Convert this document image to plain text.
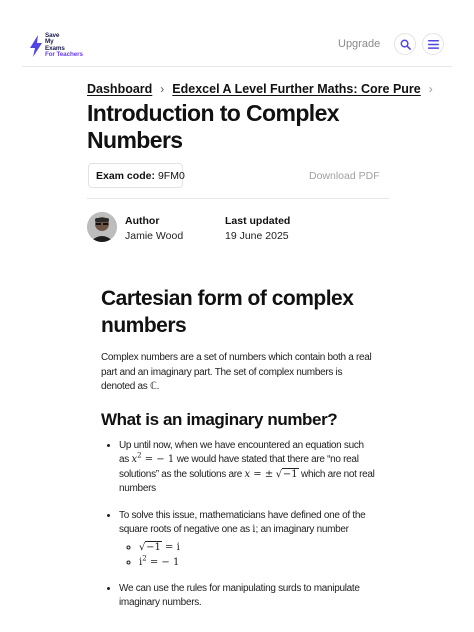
Save
My
Exams
For Teachers
Upgrade
Dashboard › Edexcel A Level Further Maths: Core Pure ›
Introduction to Complex Numbers
Exam code: 9FM0	Download PDF
Author
Jamie Wood
Last updated
19 June 2025
Cartesian form of complex numbers

Complex numbers are a set of numbers which contain both a real part and an imaginary part. The set of complex numbers is denoted as ℂ.

What is an imaginary number?
• Up until now, when we have encountered an equation such as $x^2$ = − 1 we would have stated that there are “no real solutions” as the solutions are x = ± √−1 which are not real numbers
• To solve this issue, mathematicians have defined one of the square roots of negative one as i; an imaginary number
◦ √−1 = i
◦ $i^2$ = − 1
• We can use the rules for manipulating surds to manipulate imaginary numbers.
